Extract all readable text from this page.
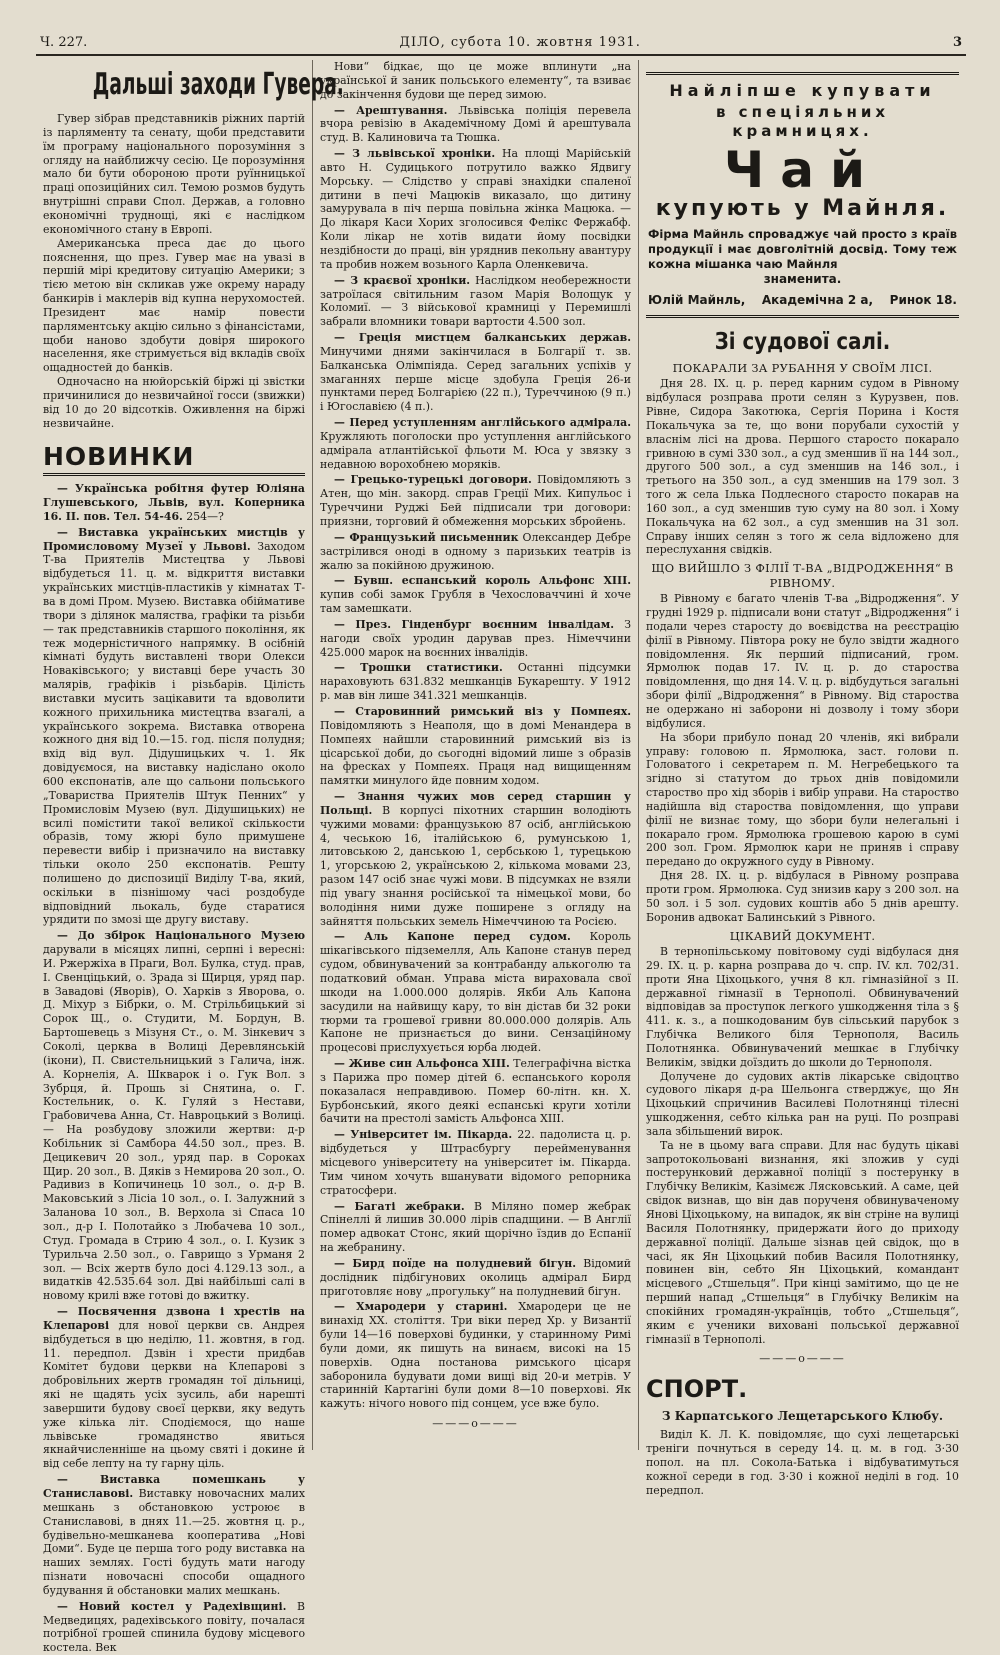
Ч. 227.	ДІЛО, субота 10. жовтня 1931.	3
Дальші заходи Гувера.

Гувер зібрав представників ріжних партій із парляменту та сенату, щоби представити їм програму національного порозуміння з огляду на найближчу сесію. Це порозуміння мало би бути обороною проти руїнницької праці опозиційних сил. Темою розмов будуть внутрішні справи Спол. Держав, а головно економічні труднощі, які є наслідком економічного стану в Европі.

Американська преса дає до цього пояснення, що през. Гувер має на увазі в першій мірі кредитову ситуацію Америки; з тією метою він скликав уже окрему нараду банкирів і маклерів від купна нерухомостей. Президент має намір повести парляментську акцію сильно з фінансістами, щоби наново здобути довіря широкого населення, яке стримується від вкладів своїх ощадностей до банків.

Одночасно на нюйорській біржі ці звістки причинилися до незвичайної госси (звижки) від 10 до 20 відсотків. Оживлення на біржі незвичайне.

НОВИНКИ

— Українська робітня футер Юліяна Глушевського, Львів, вул. Коперника 16. ІІ. пов. Тел. 54-46. 254—?

— Виставка українських мистців у Промисловому Музеї у Львові. Заходом Т-ва Приятелів Мистецтва у Львові відбудеться 11. ц. м. відкриття виставки українських мистців-пластиків у кімнатах Т-ва в домі Пром. Музею. Виставка обіймативе твори з ділянок маляства, графіки та різьби — так представників старшого покоління, як теж модерністичного напрямку. В осібній кімнаті будуть виставлені твори Олекси Новаківського; у виставці бере участь 30 малярів, графіків і різьбарів. Цілість виставки мусить зацікавити та вдоволити кожного прихильника мистецтва взагалі, а українського зокрема. Виставка отворена кожного дня від 10.—15. год. після полудня; вхід від вул. Дідушицьких ч. 1. Як довідуємося, на виставку надіслано около 600 експонатів, але що сальони польського „Товариства Приятелів Штук Пенних“ у Промисловім Музею (вул. Дідушицьких) не всилі помістити такої великої скількости образів, тому жюрі було примушене перевести вибір і призначило на виставку тільки около 250 експонатів. Решту полишено до диспозиції Виділу Т-ва, який, оскільки в пізнішому часі роздобуде відповідний льокаль, буде старатися урядити по змозі ще другу виставу.

— До збірок Національного Музею дарували в місяцях липні, серпні і вересні: И. Ржержіха в Праги, Вол. Булка, студ. прав, І. Свенціцький, о. Зрада зі Щирця, уряд пар. в Завадові (Яворів), О. Харків з Яворова, о. Д. Міхур з Бібрки, о. М. Стрільбицький зі Сорок Щ., о. Студити, М. Бордун, В. Бартошевець з Мізуня Ст., о. М. Зінкевич з Соколі, церква в Волиці Деревлянській (ікони), П. Свистельницький з Галича, інж. А. Корнелія, А. Шкварок і о. Гук Вол. з Зубрця, й. Прошь зі Снятина, о. Г. Костельник, о. К. Гуляй з Нестави, Грабовичева Анна, Ст. Навроцький з Волиці. — На розбудову зложили жертви: д-р Кобільник зі Самбора 44.50 зол., през. В. Децикевич 20 зол., уряд пар. в Сороках Щир. 20 зол., В. Дяків з Немирова 20 зол., О. Радивиз в Копичинець 10 зол., о. д-р В. Маковський з Лісіа 10 зол., о. І. Залужний з Заланова 10 зол., В. Верхола зі Спаса 10 зол., д-р І. Полотайко з Любачева 10 зол., Студ. Громада в Стрию 4 зол., о. І. Кузик з Турильча 2.50 зол., о. Гаврищо з Урманя 2 зол. — Всіх жертв було досі 4.129.13 зол., а видатків 42.535.64 зол. Дві найбільші салі в новому крилі вже готові до вжитку.

— Посвячення дзвона і хрестів на Клепарові для нової церкви св. Андрея відбудеться в цю неділю, 11. жовтня, в год. 11. передпол. Дзвін і хрести придбав Комітет будови церкви на Клепарові з добровільних жертв громадян тої дільниці, які не щадять усіх зусиль, аби нарешті завершити будову своєї церкви, яку ведуть уже кілька літ. Сподіємося, що наше львівське громадянство явиться якнайчисленніше на цьому святі і докине й від себе лепту на ту гарну ціль.

— Виставка помешкань у Станиславові. Виставку новочасних малих мешкань з обстановкою устроює в Станиславові, в днях 11.—25. жовтня ц. р., будівельно-мешканева кооператива „Нові Доми“. Буде це перша того роду виставка на наших землях. Гості будуть мати нагоду пізнати новочасні способи ощадного будування й обстановки малих мешкань.

— Новий костел у Радехівщині. В Медведицях, радехівського повіту, почалася потрібної грошей спинила будову місцевого костела. Век

Нови“ бідкає, що це може вплинути „на української й заник польського елементу“, та взиває до закінчення будови ще перед зимою.

— Арештування. Львівська поліція перевела вчора ревізію в Академічному Домі й арештувала студ. В. Калиновича та Тюшка.

— З львівської хроніки. На площі Марійській авто Н. Судицького потрутило важко Ядвигу Морську. — Слідство у справі знахідки спаленої дитини в печі Мацюків виказало, що дитину замурувала в піч перша повільна жінка Мацюка. — До лікаря Каси Хорих зголосився Фелікс Фержабф. Коли лікар не хотів видати йому посвідки нездібности до праці, він уряднив пекольну авантуру та пробив ножем возьного Карла Оленкевича.

— З краєвої хроніки. Наслідком необережности затроїлася світильним газом Марія Волощук у Коломиї. — З військової крамниці у Перемишлі забрали вломники товари вартости 4.500 зол.

— Греція мистцем балканських держав. Минучими днями закінчилася в Болгарії т. зв. Балканська Олімпіяда. Серед загальних успіхів у змаганнях перше місце здобула Греція 26-и пунктами перед Болгарією (22 п.), Туреччиною (9 п.) і Югославією (4 п.).

— Перед уступленням англійського адмірала. Кружляють поголоски про уступлення англійського адмірала атлантійської фльоти М. Юса у звязку з недавною ворохобнею моряків.

— Грецько-турецькі договори. Повідомляють з Атен, що мін. закорд. справ Греції Мих. Кипульос і Туреччини Руджі Бей підписали три договори: приязни, торговий й обмеження морських збройень.

— Французький письменник Олександер Дебре застрілився оноді в одному з паризьких театрів із жалю за покійною дружиною.

— Бувш. еспанський король Альфонс XIII. купив собі замок Грубля в Чехословаччині й хоче там замешкати.

— През. Гінденбург воєнним інвалідам. З нагоди своїх уродин дарував през. Німеччини 425.000 марок на воєнних інвалідів.

— Трошки статистики. Останні підсумки нараховують 631.832 мешканців Букарешту. У 1912 р. мав він лише 341.321 мешканців.

— Старовинний римський віз у Помпеях. Повідомляють з Неаполя, що в домі Менандера в Помпеях найшли старовинний римський віз із цісарської доби, до сьогодні відомий лише з образів на фресках у Помпеях. Праця над вищищенням памятки минулого йде повним ходом.

— Знання чужих мов серед старшин у Польщі. В корпусі піхотних старшин володіють чужими мовами: французькою 87 осіб, англійською 4, чеською 16, італійською 6, румунською 1, литовською 2, данською 1, сербською 1, турецькою 1, угорською 2, українською 2, кількома мовами 23, разом 147 осіб знає чужі мови. В підсумках не взяли під увагу знання російської та німецької мови, бо володіння ними дуже поширене з огляду на зайняття польських земель Німеччиною та Росією.

— Аль Капоне перед судом. Король шікагівського підземелля, Аль Капоне станув перед судом, обвинувачений за контрабанду алькоголю та податковий обман. Управа міста вираховала свої шкоди на 1.000.000 долярів. Якби Аль Капона засудили на найвищу кару, то він дістав би 32 роки тюрми та грошевої гривни 80.000.000 долярів. Аль Капоне не признається до вини. Сензаційному процесові прислухується юрба людей.

— Живе син Альфонса XIII. Телеграфічна вістка з Парижа про помер дітей 6. еспанського короля показалася неправдивою. Помер 60-літн. кн. Х. Бурбонський, якого деякі еспанські круги хотіли бачити на престолі замість Альфонса XIII.

— Університет ім. Пікарда. 22. падолиста ц. р. відбудеться у Штрасбургу перейменування місцевого університету на університет ім. Пікарда. Тим чином хочуть вшанувати відомого репорника стратосфери.

— Багаті жебраки. В Міляно помер жебрак Спінеллі й лишив 30.000 лірів спадщини. — В Англії помер адвокат Стонс, який щорічно їздив до Еспанії на жебранину.

— Бирд поїде на полудневий бігун. Відомий дослідник підбігунових околиць адмірал Бирд приготовляє нову „прогульку“ на полудневий бігун.

— Хмародери у старині. Хмародери це не винахід XX. століття. Три віки перед Хр. у Византії були 14—16 поверхові будинки, у старинному Римі були доми, як пишуть на винаєм, високі на 15 поверхів. Одна постанова римського цісаря заборонила будувати доми вищі від 20-и метрів. У старинній Картагіні були доми 8—10 поверхові. Як кажуть: нічого нового під сонцем, усе вже було.

———о———
Найліпше купувати
в спеціяльних крамницях.
Чай
купують у Майнля.
Фірма Майнль спроваджує чай просто з країв продукції і має довголітній досвід. Тому теж кожна мішанка чаю Майнля
знаменита.
Юлій Майнль, Академічна 2 а, Ринок 18.
Зі судової салі.
ПОКАРАЛИ ЗА РУБАННЯ У СВОЇМ ЛІСІ.

Дня 28. IX. ц. р. перед карним судом в Рівному відбулася розправа проти селян з Курузвен, пов. Рівне, Сидора Закотюка, Сергія Порина і Костя Покальчука за те, що вони порубали сухостій у власнім лісі на дрова. Першого старосто покарало гривною в сумі 330 зол., а суд зменшив її на 144 зол., другого 500 зол., а суд зменшив на 146 зол., і третього на 350 зол., а суд зменшив на 179 зол. З того ж села Ількa Подлесного старосто покарав на 160 зол., а суд зменшив тую суму на 80 зол. і Хому Покальчука на 62 зол., а суд зменшив на 31 зол. Справу інших селян з того ж села відложено для переслухання свідків.

ЩО ВИЙШЛО З ФІЛІЇ Т-ВА „ВІДРОДЖЕННЯ“ В РІВНОМУ.

В Рівному є багато членів Т-ва „Відродження“. У грудні 1929 р. підписали вони статут „Відродження“ і подали через старосту до воєвідства на реєстрацію філії в Рівному. Півтора року не було звідти жадного повідомлення. Як перший підписаний, гром. Ярмолюк подав 17. IV. ц. р. до староства повідомлення, що дня 14. V. ц. р. відбудуться загальні збори філії „Відродження“ в Рівному. Від староства не одержано ні заборони ні дозволу і тому збори відбулися.

На збори прибуло понад 20 членів, які вибрали управу: головою п. Ярмолюка, заст. голови п. Головатого і секретарем п. М. Негребецького та згідно зі статутом до трьох днів повідомили староство про хід зборів і вибір управи. На староство надійшла від староства повідомлення, що управи філії не визнає тому, що збори були нелегальні і покарало гром. Ярмолюка грошевою карою в сумі 200 зол. Гром. Ярмолюк кари не приняв і справу передано до окружного суду в Рівному.

Дня 28. IX. ц. р. відбулася в Рівному розправа проти гром. Ярмолюка. Суд знизив кару з 200 зол. на 50 зол. і 5 зол. судових коштів або 5 днів арешту. Боронив адвокат Балинський з Рівного.

ЦІКАВИЙ ДОКУМЕНТ.

В тернопільському повітовому суді відбулася дня 29. IX. ц. р. карна розправа до ч. спр. IV. кл. 702/31. проти Яна Ціхоцького, учня 8 кл. гімназійної з II. державної гімназії в Тернополі. Обвинувачений відповідав за проступок легкого ушкодження тіла з § 411. к. з., а пошкодованим був сільський парубок з Глубічка Великого біля Тернополя, Василь Полотнянка. Обвинувачений мешкає в Глубічку Великім, звідки доїздить до школи до Тернополя.

Долучене до судових актів лікарське свідоцтво судового лікаря д-ра Шельонга стверджує, що Ян Ціхоцький спричинив Василеві Полотнянці тілесні ушкодження, себто кілька ран на руці. По розправі зала збільшений вирок.

Та не в цьому вага справи. Для нас будуть цікаві запротокольовані визнання, які зложив у суді постерунковий державної поліції з постерунку в Глубічку Великім, Казімєж Лясковський. А саме, цей свідок визнав, що він дав порученя обвинуваченому Янові Ціхоцькому, на випадок, як він стріне на вулиці Василя Полотнянку, придержати його до приходу державної поліції. Дальше зізнав цей свідок, що в часі, як Ян Ціхоцький побив Василя Полотнянку, повинен він, себто Ян Ціхоцький, командант місцевого „Стшельця“. При кінці замітимо, що це не перший напад „Стшельця“ в Глубічку Великім на спокійних громадян-українців, тобто „Стшельця“, яким є ученики виховані польської державної гімназії в Тернополі.

———о———
СПОРТ.
З Карпатського Лещетарського Клюбу.

Виділ К. Л. К. повідомляє, що сухі лещетарські треніги почнуться в середу 14. ц. м. в год. 3·30 попол. на пл. Сокола-Батька і відбуватимуться кожної середи в год. 3·30 і кожної неділі в год. 10 передпол.
